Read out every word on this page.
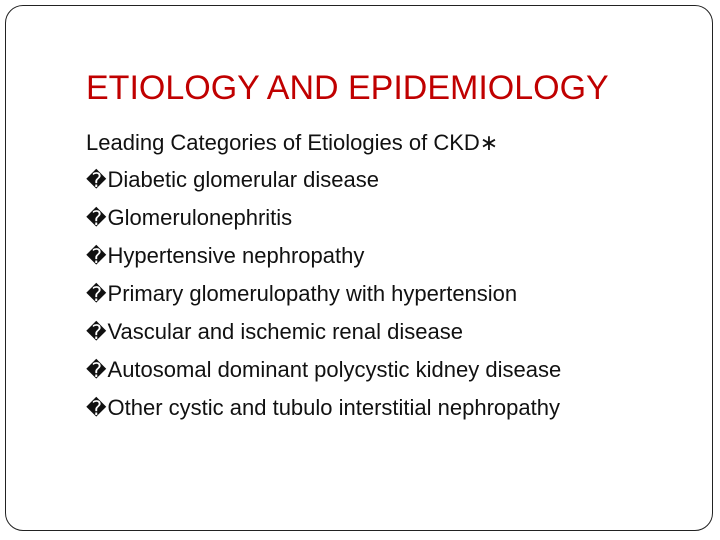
ETIOLOGY AND EPIDEMIOLOGY
Leading Categories of Etiologies of CKD∗
�Diabetic glomerular disease
�Glomerulonephritis
�Hypertensive nephropathy
�Primary glomerulopathy with hypertension
�Vascular and ischemic renal disease
�Autosomal dominant polycystic kidney disease
�Other cystic and tubulo interstitial nephropathy
